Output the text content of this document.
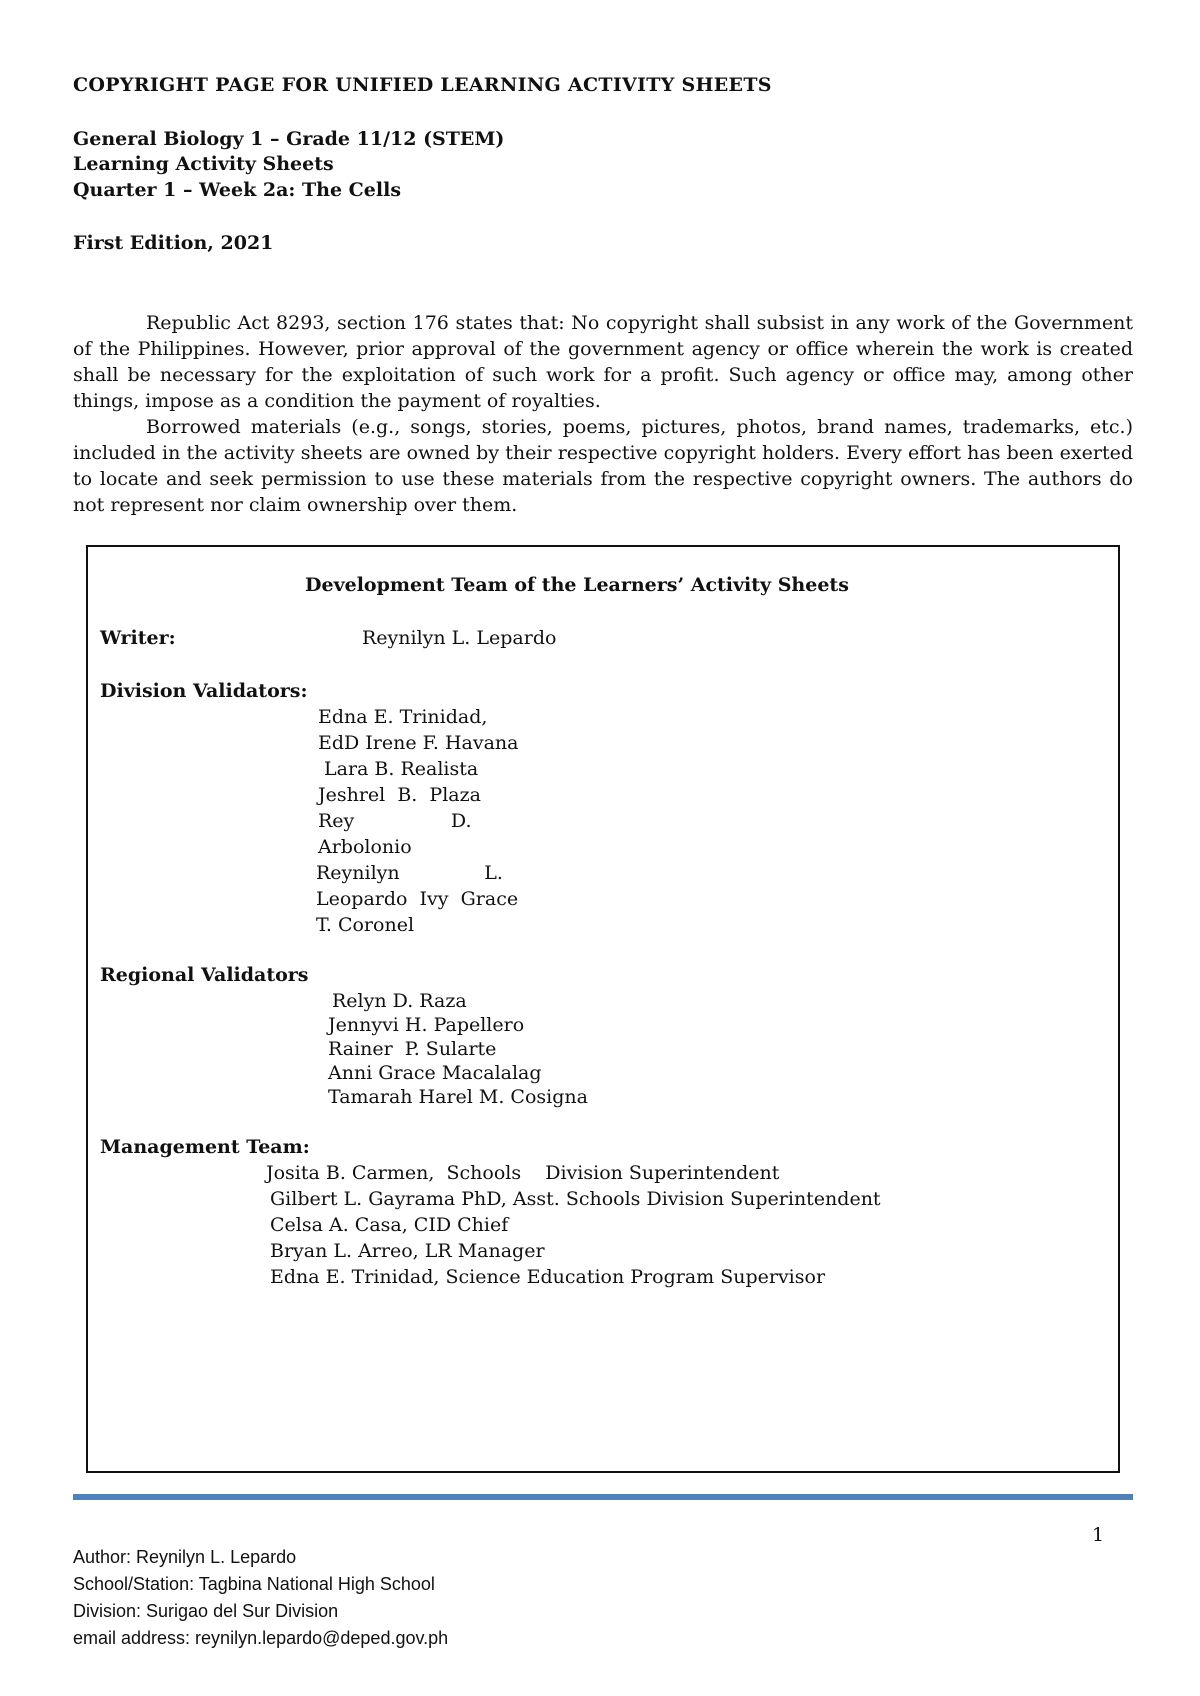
COPYRIGHT PAGE FOR UNIFIED LEARNING ACTIVITY SHEETS
General Biology 1 – Grade 11/12 (STEM)
Learning Activity Sheets
Quarter 1 – Week 2a: The Cells
First Edition, 2021

Republic Act 8293, section 176 states that: No copyright shall subsist in any work of the Government of the Philippines. However, prior approval of the government agency or office wherein the work is created shall be necessary for the exploitation of such work for a profit. Such agency or office may, among other things, impose as a condition the payment of royalties.

Borrowed materials (e.g., songs, stories, poems, pictures, photos, brand names, trademarks, etc.) included in the activity sheets are owned by their respective copyright holders. Every effort has been exerted to locate and seek permission to use these materials from the respective copyright owners. The authors do not represent nor claim ownership over them.

Development Team of the Learners’ Activity Sheets
Writer:	Reynilyn L. Lepardo
Division Validators:
Edna E. Trinidad,
EdD Irene F. Havana
Lara B. Realista
Jeshrel  B.  Plaza
Rey                D.
Arbolonio
Reynilyn              L.
Leopardo  Ivy  Grace
T. Coronel
Regional Validators
Relyn D. Raza
Jennyvi H. Papellero
Rainer  P. Sularte
Anni Grace Macalalag
Tamarah Harel M. Cosigna
Management Team:
Josita B. Carmen,  Schools    Division Superintendent
Gilbert L. Gayrama PhD, Asst. Schools Division Superintendent
Celsa A. Casa, CID Chief
Bryan L. Arreo, LR Manager
Edna E. Trinidad, Science Education Program Supervisor
1
Author: Reynilyn L. Lepardo
School/Station: Tagbina National High School
Division: Surigao del Sur Division
email address: reynilyn.lepardo@deped.gov.ph
